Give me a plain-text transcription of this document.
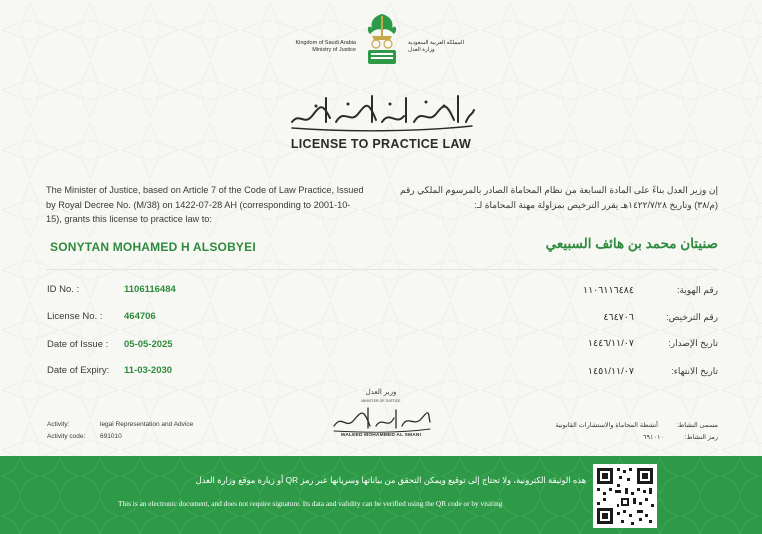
Kingdom of Saudi Arabia
Ministry of Justice
المملكة العربية السعودية
وزارة العدل
LICENSE TO PRACTICE LAW
The Minister of Justice, based on Article 7 of the Code of Law Practice, Issued by Royal Decree No. (M/38) on 1422-07-28 AH (corresponding to 2001-10-15), grants this license to practice law to:
إن وزير العدل بناءً على المادة السابعة من نظام المحاماة الصادر بالمرسوم الملكي رقم (م/٣٨) وتاريخ ١٤٢٢/٧/٢٨هـ يقرر الترخيص بمزاولة مهنة المحاماة لـ:
SONYTAN MOHAMED H ALSOBYEI	صنيتان محمد بن هائف السبيعي
ID No. :	1106116484	رقم الهوية:
١١٠٦١١٦٤٨٤
License No. : 464706	رقم الترخيص:
٤٦٤٧٠٦
Date of Issue : 05-05-2025	تاريخ الإصدار:
١٤٤٦/١١/٠٧
Date of Expiry: 11-03-2030	تاريخ الانتهاء:
١٤٥١/١١/٠٧
وزير العدل
MINISTER OF JUSTICE
WALEED MOHAMMED AL SMANI
Activity:	legal Representation and Advice
Activity code: 691010
مسمى النشاط:
أنشطة المحاماة والاستشارات القانونية
رمز النشاط:
٦٩١٠١٠
هذه الوثيقة الكترونية، ولا تحتاج إلى توقيع ويمكن التحقق من بياناتها وسريانها عبر رمز QR أو زيارة موقع وزارة العدل
This is an electronic document, and does not require signature. Its data and validity can be verified using the QR code or by visiting
